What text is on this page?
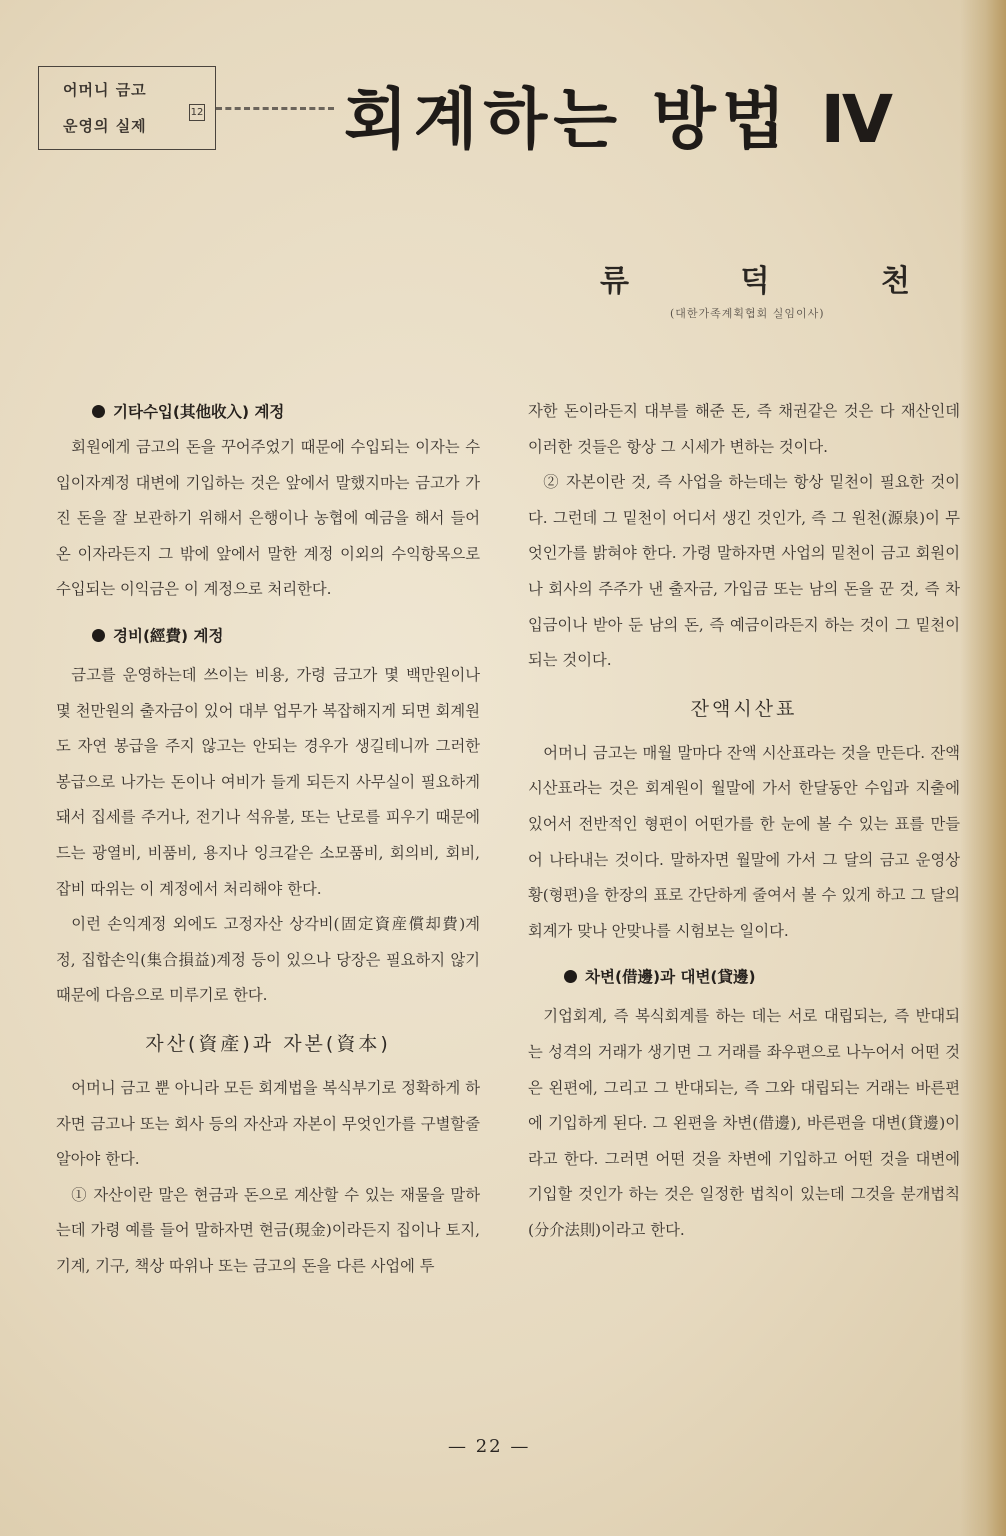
어머니 금고
12
운영의 실제	회계하는 방법 Ⅳ
류	덕	천
(대한가족계획협회 실임이사)
기타수입(其他收入) 계정

회원에게 금고의 돈을 꾸어주었기 때문에 수입되는 이자는 수입이자계정 대변에 기입하는 것은 앞에서 말했지마는 금고가 가진 돈을 잘 보관하기 위해서 은행이나 농협에 예금을 해서 들어온 이자라든지 그 밖에 앞에서 말한 계정 이외의 수익항목으로 수입되는 이익금은 이 계정으로 처리한다.

경비(經費) 계정

금고를 운영하는데 쓰이는 비용, 가령 금고가 몇 백만원이나 몇 천만원의 출자금이 있어 대부 업무가 복잡해지게 되면 회계원도 자연 봉급을 주지 않고는 안되는 경우가 생길테니까 그러한 봉급으로 나가는 돈이나 여비가 들게 되든지 사무실이 필요하게 돼서 집세를 주거나, 전기나 석유불, 또는 난로를 피우기 때문에 드는 광열비, 비품비, 용지나 잉크같은 소모품비, 회의비, 회비, 잡비 따위는 이 계정에서 처리해야 한다.

이런 손익계정 외에도 고정자산 상각비(固定資産償却費)계정, 집합손익(集合損益)계정 등이 있으나 당장은 필요하지 않기 때문에 다음으로 미루기로 한다.

자산(資產)과 자본(資本)

어머니 금고 뿐 아니라 모든 회계법을 복식부기로 정확하게 하자면 금고나 또는 회사 등의 자산과 자본이 무엇인가를 구별할줄 알아야 한다.

① 자산이란 말은 현금과 돈으로 계산할 수 있는 재물을 말하는데 가령 예를 들어 말하자면 현금(現金)이라든지 집이나 토지, 기계, 기구, 책상 따위나 또는 금고의 돈을 다른 사업에 투

자한 돈이라든지 대부를 해준 돈, 즉 채권같은 것은 다 재산인데 이러한 것들은 항상 그 시세가 변하는 것이다.

② 자본이란 것, 즉 사업을 하는데는 항상 밑천이 필요한 것이다. 그런데 그 밑천이 어디서 생긴 것인가, 즉 그 원천(源泉)이 무엇인가를 밝혀야 한다. 가령 말하자면 사업의 밑천이 금고 회원이나 회사의 주주가 낸 출자금, 가입금 또는 남의 돈을 꾼 것, 즉 차입금이나 받아 둔 남의 돈, 즉 예금이라든지 하는 것이 그 밑천이 되는 것이다.

잔액시산표

어머니 금고는 매월 말마다 잔액 시산표라는 것을 만든다. 잔액 시산표라는 것은 회계원이 월말에 가서 한달동안 수입과 지출에 있어서 전반적인 형편이 어떤가를 한 눈에 볼 수 있는 표를 만들어 나타내는 것이다. 말하자면 월말에 가서 그 달의 금고 운영상황(형편)을 한장의 표로 간단하게 줄여서 볼 수 있게 하고 그 달의 회계가 맞나 안맞나를 시험보는 일이다.

차변(借邊)과 대변(貸邊)

기업회계, 즉 복식회계를 하는 데는 서로 대립되는, 즉 반대되는 성격의 거래가 생기면 그 거래를 좌우편으로 나누어서 어떤 것은 왼편에, 그리고 그 반대되는, 즉 그와 대립되는 거래는 바른편에 기입하게 된다. 그 왼편을 차변(借邊), 바른편을 대변(貸邊)이라고 한다. 그러면 어떤 것을 차변에 기입하고 어떤 것을 대변에 기입할 것인가 하는 것은 일정한 법칙이 있는데 그것을 분개법칙(分介法則)이라고 한다.

— 22 —
